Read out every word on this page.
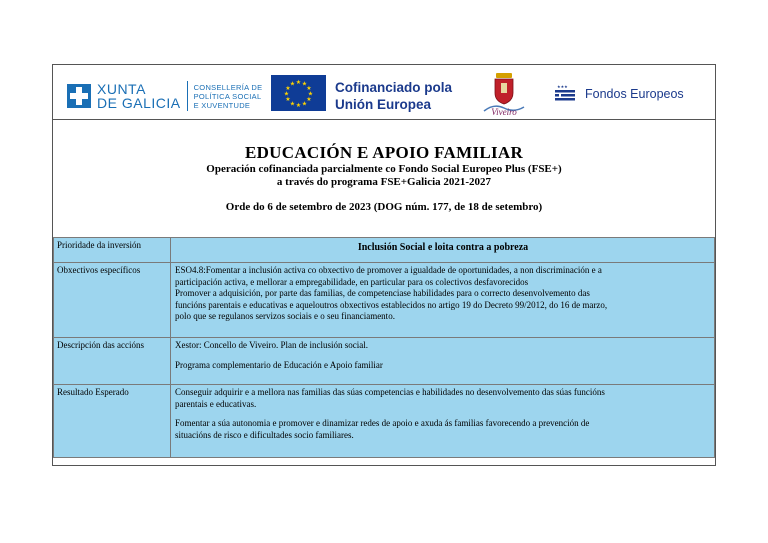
XUNTA
DE GALICIA
CONSELLERÍA DE
POLÍTICA SOCIAL
E XUVENTUDE
★ ★
★
★
★
★
★
★
★
★
★
★	Cofinanciado pola
Unión Europea	Viveiro
★★★
Fondos Europeos
EDUCACIÓN E APOIO FAMILIAR
Operación cofinanciada parcialmente co Fondo Social Europeo Plus (FSE+)
a través do programa FSE+Galicia 2021-2027
Orde do 6 de setembro de 2023 (DOG núm. 177, de 18 de setembro)
Prioridade da inversión	Inclusión Social e loita contra a pobreza

Obxectivos específicos	ESO4.8:Fomentar a inclusión activa co obxectivo de promover a igualdade de oportunidades, a non discriminación e a
participación activa, e mellorar a empregabilidade, en particular para os colectivos desfavorecidos
Promover a adquisición, por parte das familias, de competenciase habilidades para o correcto desenvolvemento das
funcións parentais e educativas e aqueloutros obxectivos establecidos no artigo 19 do Decreto 99/2012, do 16 de marzo,
polo que se regulanos servizos sociais e o seu financiamento.

Descripción das accións	Xestor: Concello de Viveiro. Plan de inclusión social.
Programa complementario de Educación e Apoio familiar

Resultado Esperado	Conseguir adquirir e a mellora nas familias das súas competencias e habilidades no desenvolvemento das súas funcións
parentais e educativas.
Fomentar a súa autonomia e promover e dinamizar redes de apoio e axuda ás familias favorecendo a prevención de
situacións de risco e dificultades socio familiares.
